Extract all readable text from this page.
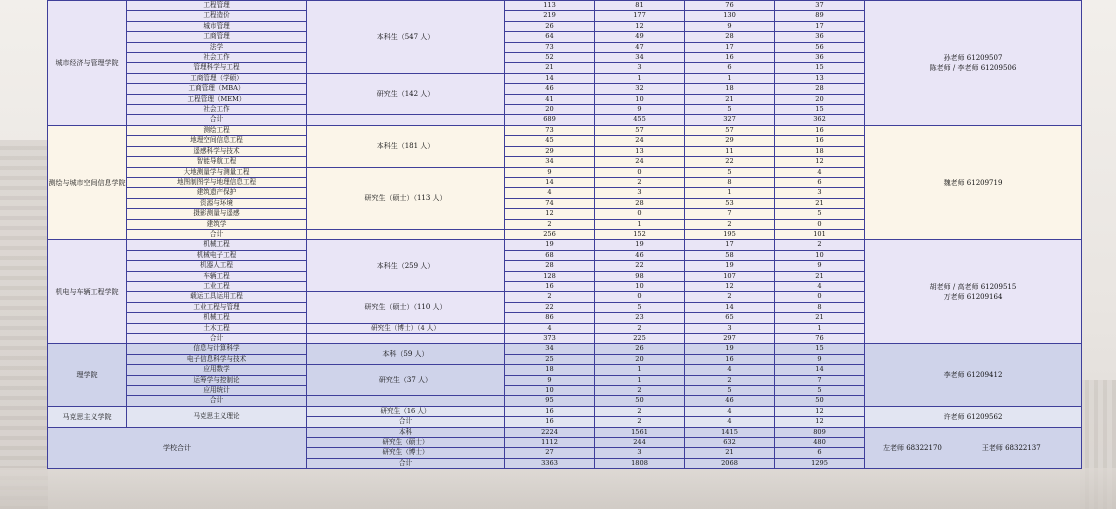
城市经济与管理学院	工程管理	本科生（547 人）	113	81	76	37	孙老师 61209507
陈老师 / 李老师 61209506

	工程造价		219	177	130	89	
	城市管理		26	12	9	17	
	工商管理		64	49	28	36	
	法学		73	47	17	56	
	社会工作		52	34	16	36	
	管理科学与工程		21	3	6	15	
	工商管理（学硕）	研究生（142 人）	14	1	1	13	
	工商管理（MBA）		46	32	18	28	
	工程管理（MEM）		41	10	21	20	
	社会工作		20	9	5	15	
	合计		689	455	327	362	
测绘与城市空间信息学院	测绘工程	本科生（181 人）	73	57	57	16	魏老师 61209719

	地理空间信息工程		45	24	29	16	
	遥感科学与技术		29	13	11	18	
	智能导航工程		34	24	22	12	
	大地测量学与测量工程	研究生（硕士）（113 人）	9	0	5	4	
	地图制图学与地理信息工程		14	2	8	6	
	建筑遗产保护		4	3	1	3	
	资源与环境		74	28	53	21	
	摄影测量与遥感		12	0	7	5	
	建筑学		2	1	2	0	
	合计		256	152	195	101	
机电与车辆工程学院	机械工程	本科生（259 人）	19	19	17	2	胡老师 / 高老师 61209515
万老师 61209164

	机械电子工程		68	46	58	10	
	机器人工程		28	22	19	9	
	车辆工程		128	98	107	21	
	工业工程		16	10	12	4	
	载运工具运用工程	研究生（硕士）（110 人）	2	0	2	0	
	工业工程与管理		22	5	14	8	
	机械工程		86	23	65	21	
	土木工程	研究生（博士）（4 人）	4	2	3	1	
	合计		373	225	297	76	
理学院	信息与计算科学	本科（59 人）	34	26	19	15	李老师 61209412

	电子信息科学与技术		25	20	16	9	
	应用数学	研究生（37 人）	18	1	4	14	
	运筹学与控制论		9	1	2	7	
	应用统计		10	2	5	5	
	合计		95	50	46	50	
马克思主义学院	马克思主义理论	研究生（16 人）	16	2	4	12	许老师 61209562

		合计	16	2	4	12	
学校合计		本科	2224	1561	1415	809	左老师 68322170 王老师 68322137
		研究生（硕士）	1112	244	632	480	
		研究生（博士）	27	3	21	6	
		合计	3363	1808	2068	1295	
